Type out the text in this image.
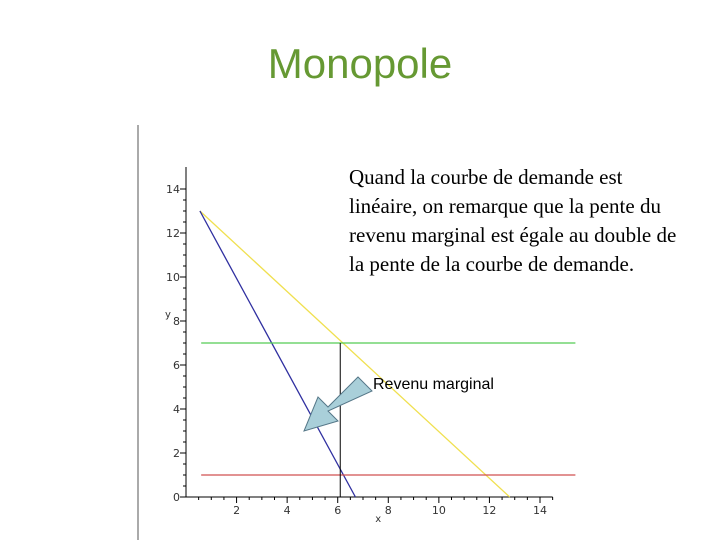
Monopole
0
2
4
6
8
10
12
14
2	4	6	8	10	12	14
y
x
Quand la courbe de demande est linéaire, on remarque que la pente du revenu marginal est égale au double de la pente de la courbe de demande.
Revenu marginal
